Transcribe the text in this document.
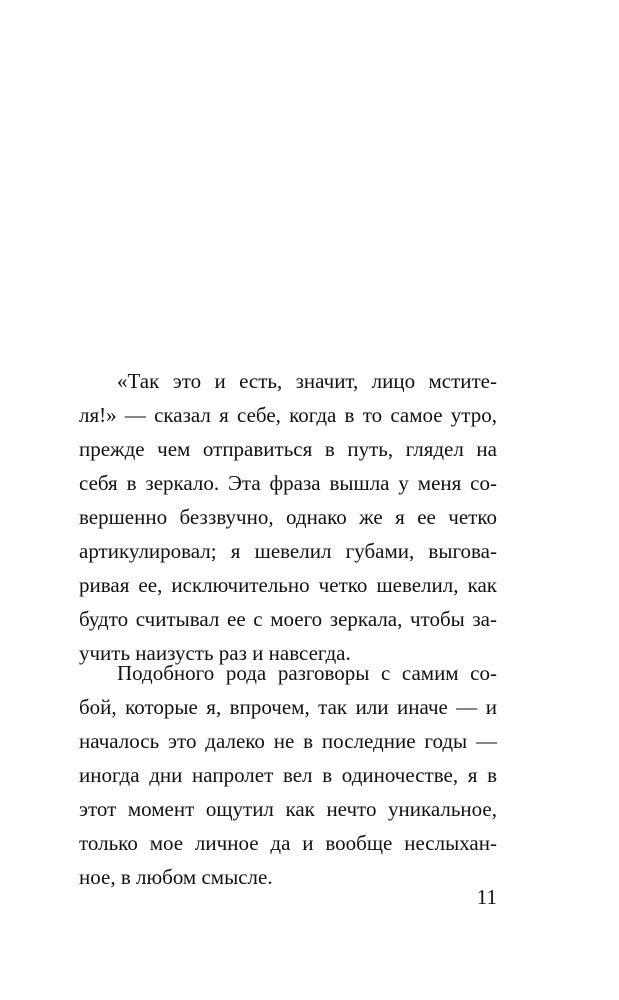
«Так это и есть, значит, лицо мстите-
ля!» — сказал я себе, когда в то самое утро,
прежде чем отправиться в путь, глядел на
себя в зеркало. Эта фраза вышла у меня со-
вершенно беззвучно, однако же я ее четко
артикулировал; я шевелил губами, выгова-
ривая ее, исключительно четко шевелил, как
будто считывал ее с моего зеркала, чтобы за-
учить наизусть раз и навсегда.
Подобного рода разговоры с самим со-
бой, которые я, впрочем, так или иначе — и
началось это далеко не в последние годы —
иногда дни напролет вел в одиночестве, я в
этот момент ощутил как нечто уникальное,
только мое личное да и вообще неслыхан-
ное, в любом смысле.
11
